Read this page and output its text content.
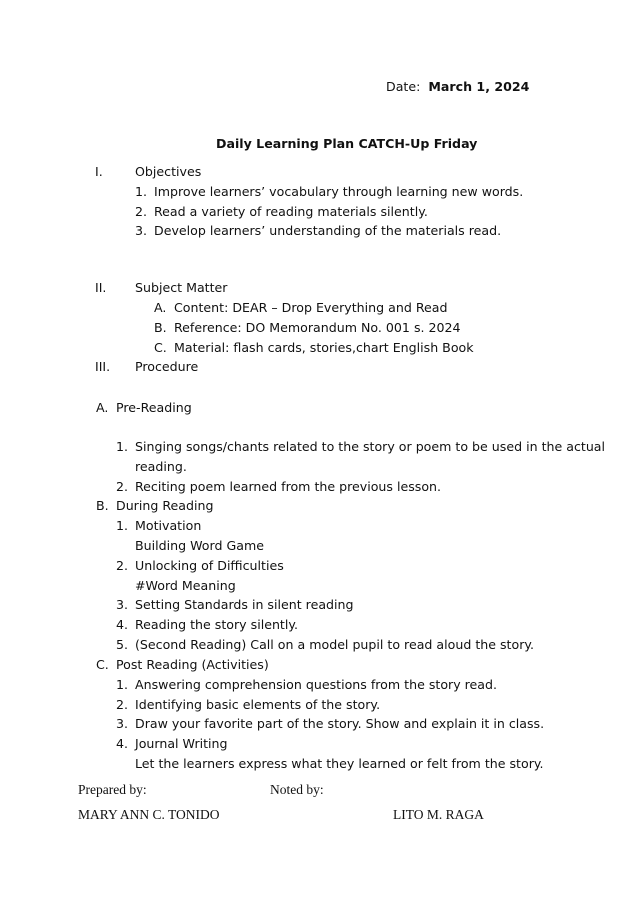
Date: March 1, 2024
Daily Learning Plan CATCH-Up Friday
I.	Objectives
1. Improve learners’ vocabulary through learning new words.
2. Read a variety of reading materials silently.
3. Develop learners’ understanding of the materials read.
II. Subject Matter
A. Content: DEAR – Drop Everything and Read
B. Reference: DO Memorandum No. 001 s. 2024
C. Material: flash cards, stories,chart English Book
III. Procedure
A. Pre-Reading
1. Singing songs/chants related to the story or poem to be used in the actual
reading.
2. Reciting poem learned from the previous lesson.
B. During Reading
1. Motivation
Building Word Game
2. Unlocking of Difficulties
#Word Meaning
3. Setting Standards in silent reading
4. Reading the story silently.
5. (Second Reading) Call on a model pupil to read aloud the story.
C. Post Reading (Activities)
1. Answering comprehension questions from the story read.
2. Identifying basic elements of the story.
3. Draw your favorite part of the story. Show and explain it in class.
4. Journal Writing
Let the learners express what they learned or felt from the story.
Prepared by:	Noted by:
MARY ANN C. TONIDO	LITO M. RAGA
